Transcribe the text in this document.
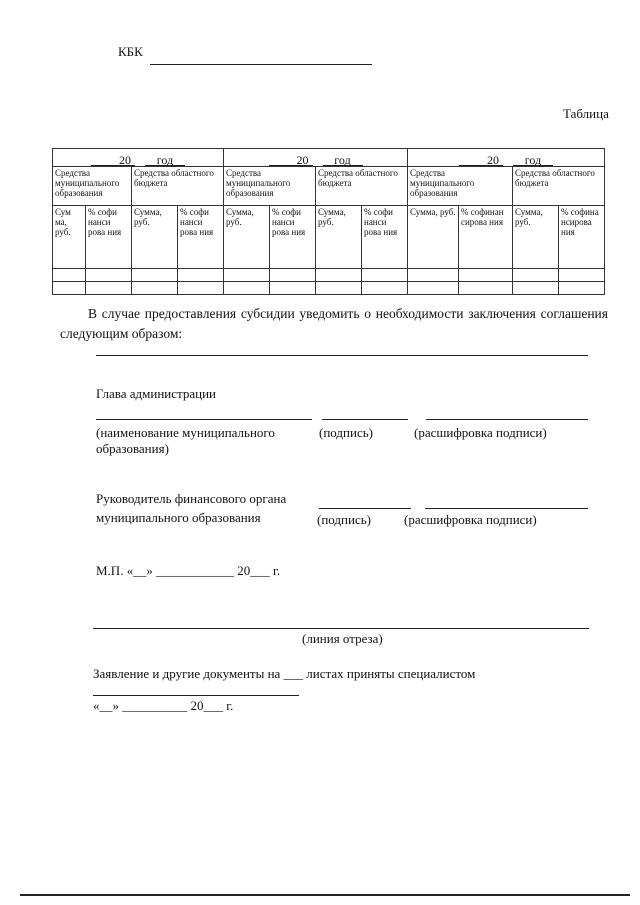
КБК
Таблица
20 год				20 год				20 год			
Средства муниципального образования		Средства областного бюджета		Средства муниципального образования		Средства областного бюджета		Средства муниципального образования		Средства областного бюджета	
Сум ма, руб.	% софи нанси рова ния	Сумма, руб.	% софи нанси рова ния	Сумма, руб.	% софи нанси рова ния	Сумма, руб.	% софи нанси рова ния	Сумма, руб.	% софинан сирова ния	Сумма, руб.	% софина нсирова ния

В случае предоставления субсидии уведомить о необходимости заключения соглашения следующим образом:
Глава администрации
(наименование муниципального образования)
(подпись)	(расшифровка подписи)
Руководитель финансового органа
муниципального образования	(подпись)	(расшифровка подписи)
М.П. «__» ____________ 20___ г.
(линия отреза)
Заявление и другие документы на ___ листах приняты специалистом
«__» __________ 20___ г.
